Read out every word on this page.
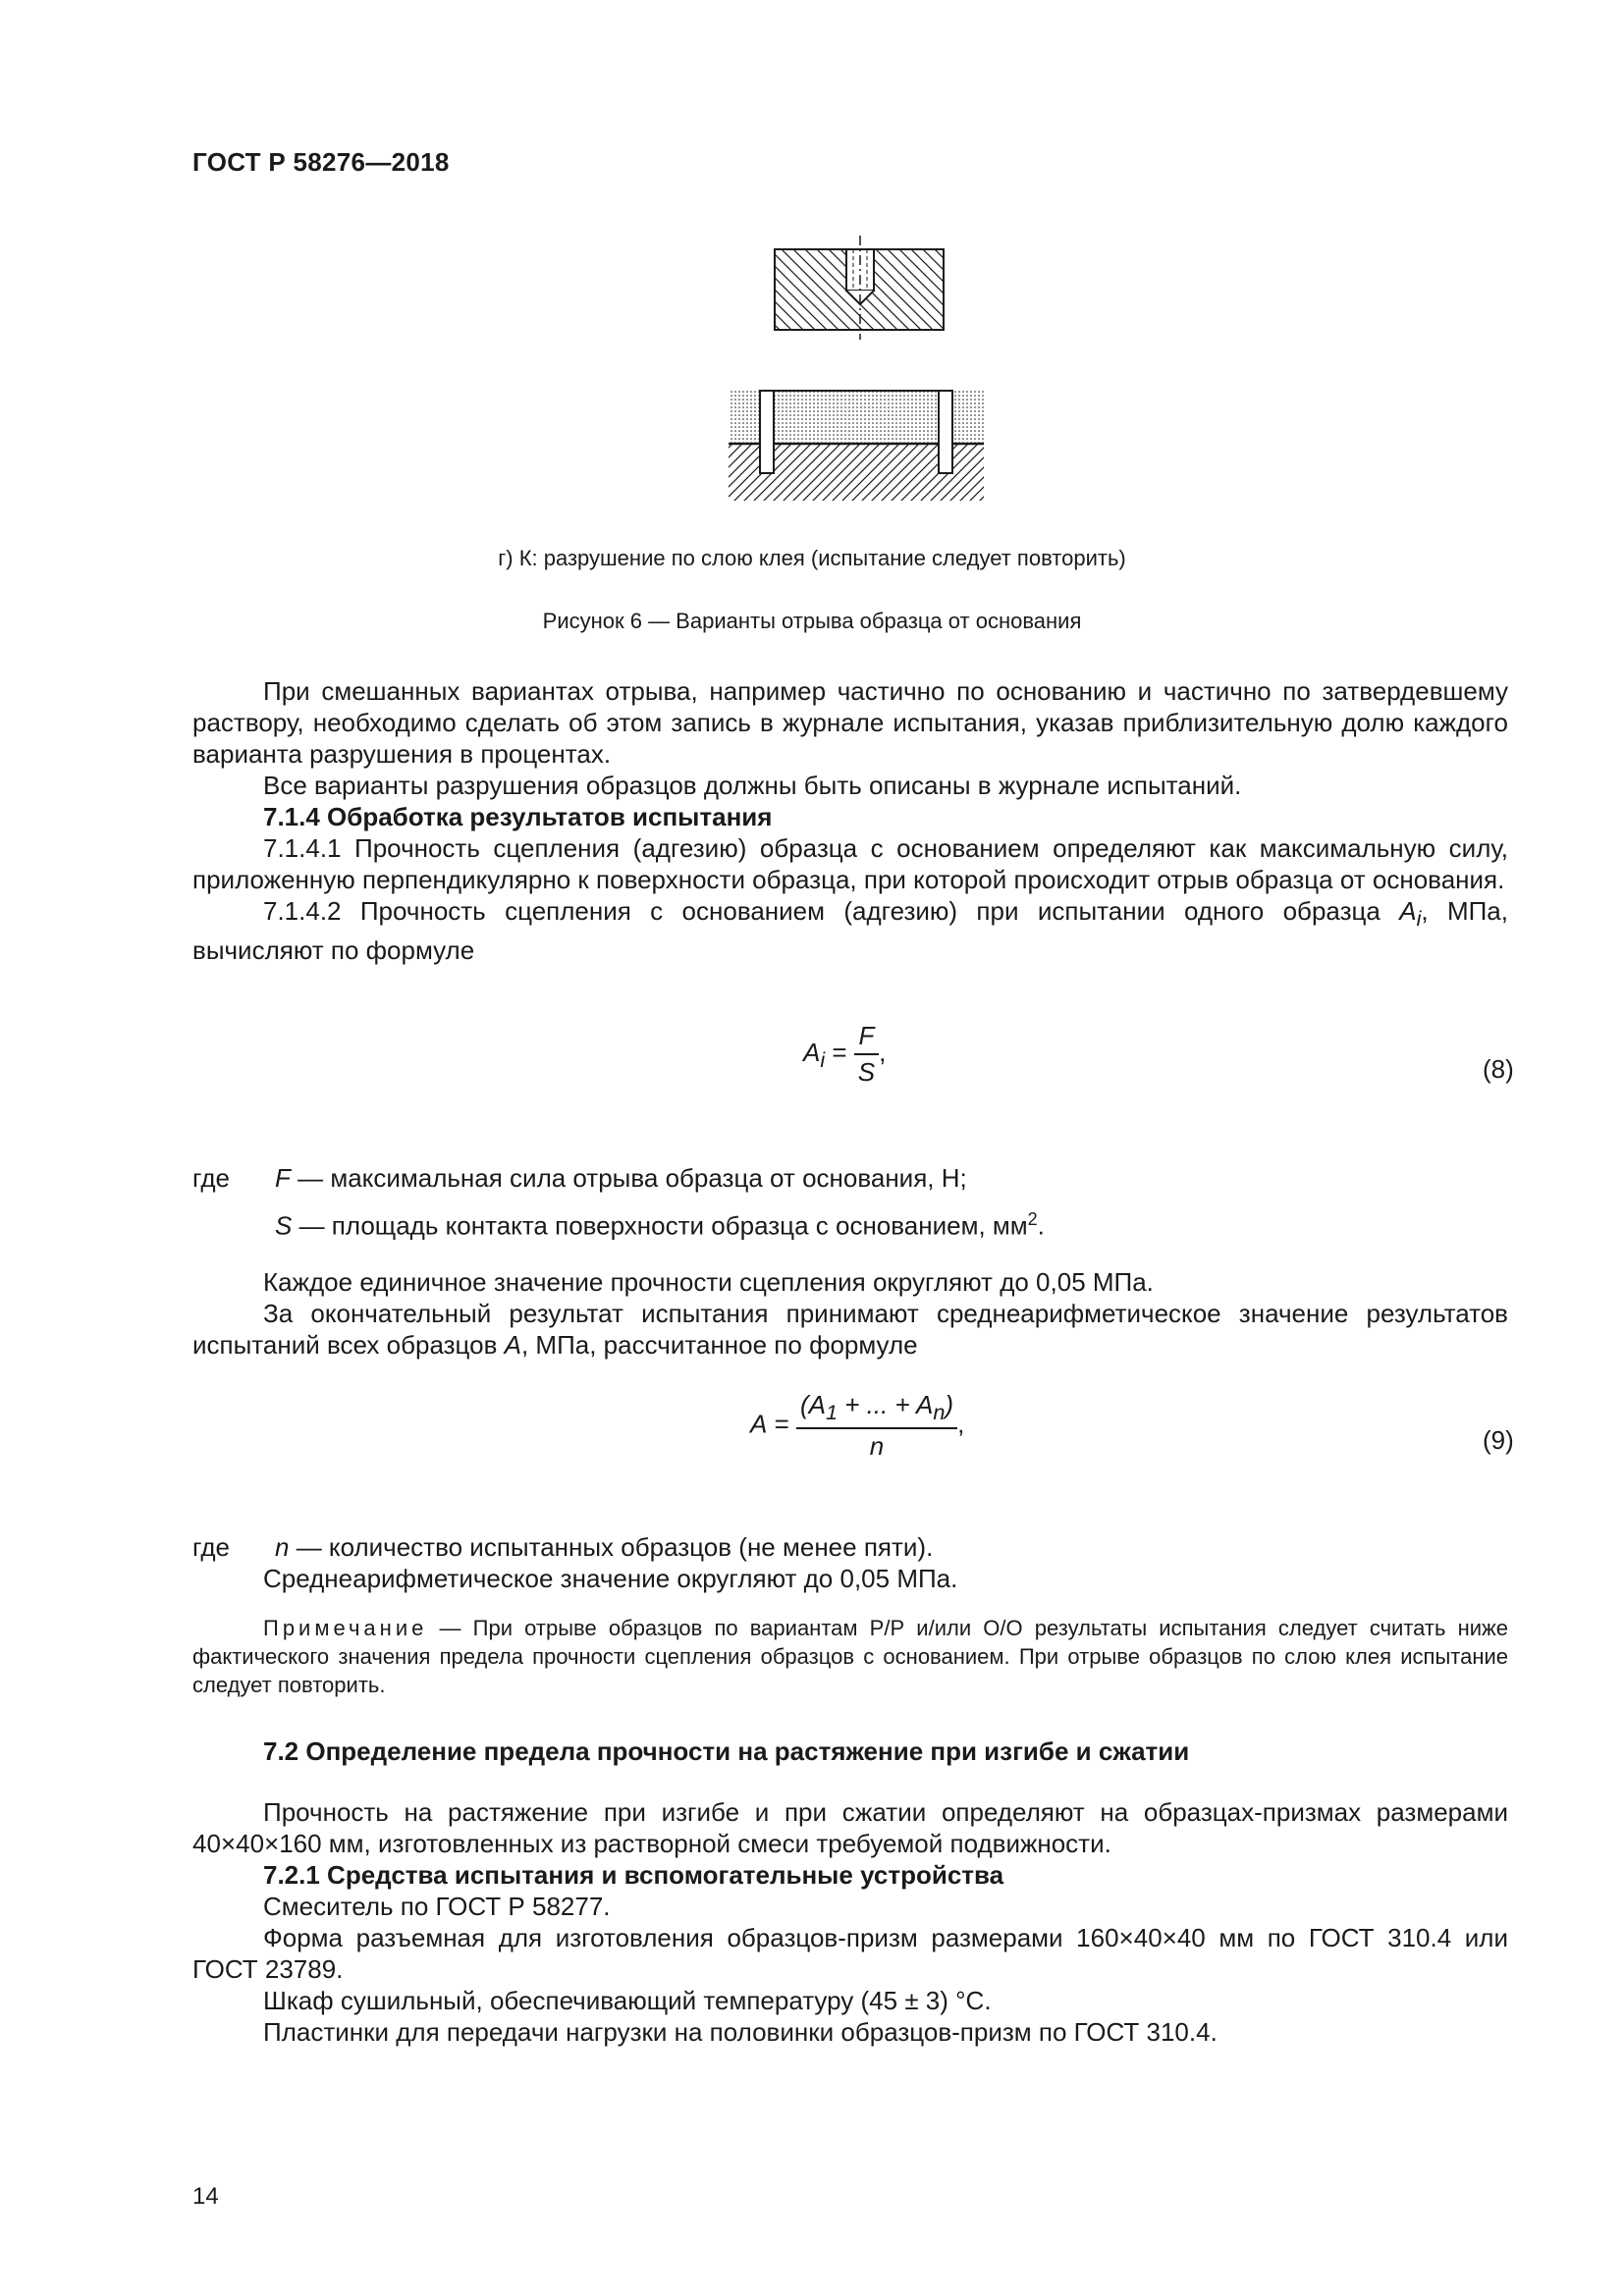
ГОСТ Р 58276—2018
г) К: разрушение по слою клея (испытание следует повторить)
Рисунок 6 — Варианты отрыва образца от основания

При смешанных вариантах отрыва, например частично по основанию и частично по затвердевшему раствору, необходимо сделать об этом запись в журнале испытания, указав приблизительную долю каждого варианта разрушения в процентах.

Все варианты разрушения образцов должны быть описаны в журнале испытаний.

7.1.4 Обработка результатов испытания

7.1.4.1 Прочность сцепления (адгезию) образца с основанием определяют как максимальную силу, приложенную перпендикулярно к поверхности образца, при которой происходит отрыв образца от основания.

7.1.4.2 Прочность сцепления с основанием (адгезию) при испытании одного образца $A_i$, МПа, вычисляют по формуле

$A_i = \frac{F}{S}$ ,
(8)
где F — максимальная сила отрыва образца от основания, Н;
S — площадь контакта поверхности образца с основанием, $мм^2$.

Каждое единичное значение прочности сцепления округляют до 0,05 МПа.

За окончательный результат испытания принимают среднеарифметическое значение результатов испытаний всех образцов A, МПа, рассчитанное по формуле

$A = \frac{(A_1 + ... + A_n)}{n}$ ,
(9)
где n — количество испытанных образцов (не менее пяти).
Среднеарифметическое значение округляют до 0,05 МПа.

Примечание — При отрыве образцов по вариантам Р/Р и/или О/О результаты испытания следует считать ниже фактического значения предела прочности сцепления образцов с основанием. При отрыве образцов по слою клея испытание следует повторить.

7.2 Определение предела прочности на растяжение при изгибе и сжатии

Прочность на растяжение при изгибе и при сжатии определяют на образцах-призмах размерами 40×40×160 мм, изготовленных из растворной смеси требуемой подвижности.

7.2.1 Средства испытания и вспомогательные устройства

Смеситель по ГОСТ Р 58277.

Форма разъемная для изготовления образцов-призм размерами 160×40×40 мм по ГОСТ 310.4 или ГОСТ 23789.

Шкаф сушильный, обеспечивающий температуру (45 ± 3) °С.

Пластинки для передачи нагрузки на половинки образцов-призм по ГОСТ 310.4.

14
